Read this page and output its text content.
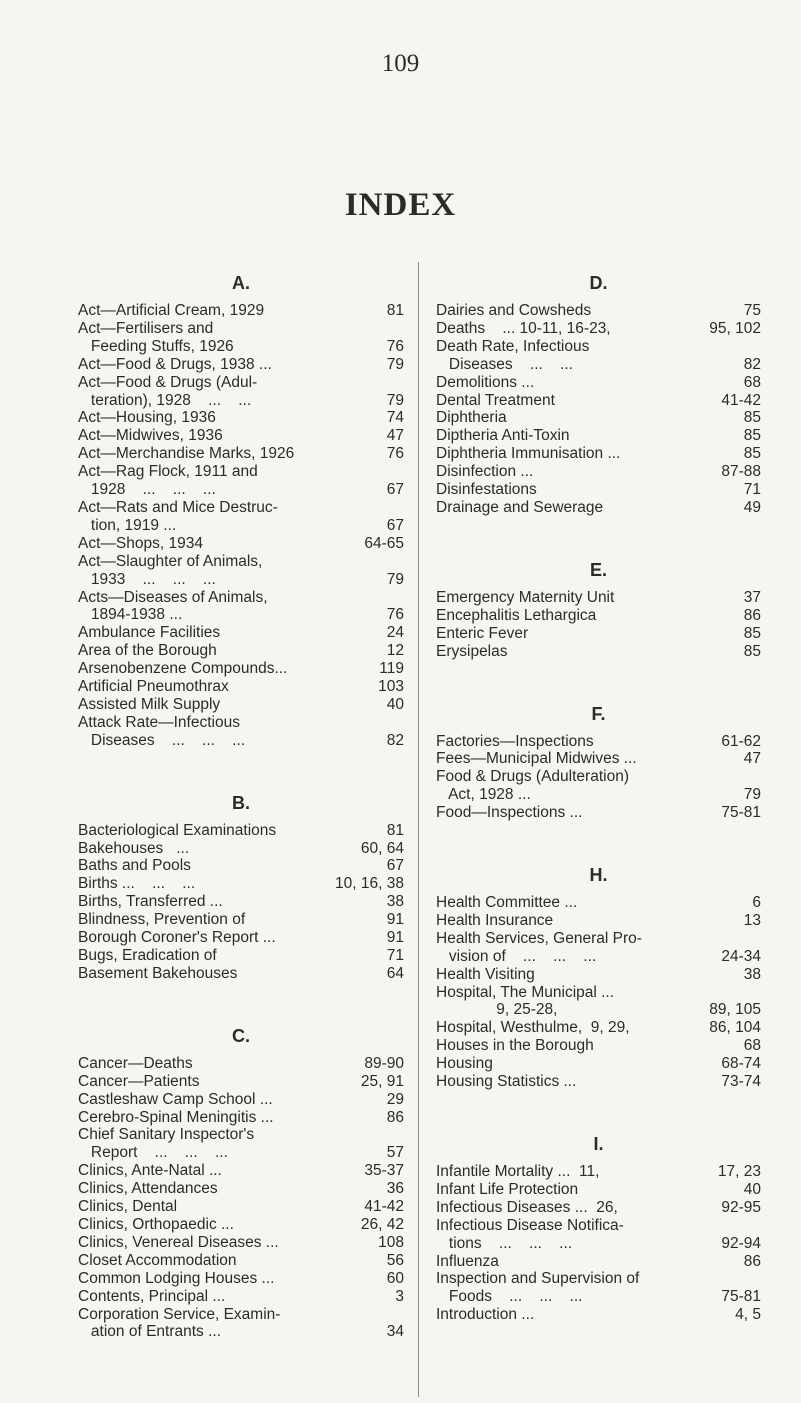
109
INDEX
A.
Act—Artificial Cream, 1929	81
Act—Fertilisers and
Feeding Stuffs, 1926	76
Act—Food & Drugs, 1938 ...	79
Act—Food & Drugs (Adul-
teration), 1928    ...    ...	79
Act—Housing, 1936	74
Act—Midwives, 1936	47
Act—Merchandise Marks, 1926	76
Act—Rag Flock, 1911 and
1928    ...    ...    ...	67
Act—Rats and Mice Destruc-
tion, 1919 ...	67
Act—Shops, 1934	64-65
Act—Slaughter of Animals,
1933    ...    ...    ...	79
Acts—Diseases of Animals,
1894-1938 ...	76
Ambulance Facilities	24
Area of the Borough	12
Arsenobenzene Compounds...	119
Artificial Pneumothrax	103
Assisted Milk Supply	40
Attack Rate—Infectious
Diseases    ...    ...    ...	82
B.
Bacteriological Examinations	81
Bakehouses   ...	60, 64
Baths and Pools	67
Births ...    ...    ...	10, 16, 38
Births, Transferred ...	38
Blindness, Prevention of	91
Borough Coroner's Report ...	91
Bugs, Eradication of	71
Basement Bakehouses	64
C.
Cancer—Deaths	89-90
Cancer—Patients	25, 91
Castleshaw Camp School ...	29
Cerebro-Spinal Meningitis ...	86
Chief Sanitary Inspector's
Report    ...    ...    ...	57
Clinics, Ante-Natal ...	35-37
Clinics, Attendances	36
Clinics, Dental	41-42
Clinics, Orthopaedic ...	26, 42
Clinics, Venereal Diseases ...	108
Closet Accommodation	56
Common Lodging Houses ...	60
Contents, Principal ...	3
Corporation Service, Examin-
ation of Entrants ...	34
D.
Dairies and Cowsheds	75
Deaths    ... 10-11, 16-23,	95, 102
Death Rate, Infectious
Diseases    ...    ...	82
Demolitions ...	68
Dental Treatment	41-42
Diphtheria	85
Diptheria Anti-Toxin	85
Diphtheria Immunisation ...	85
Disinfection ...	87-88
Disinfestations	71
Drainage and Sewerage	49
E.
Emergency Maternity Unit	37
Encephalitis Lethargica	86
Enteric Fever	85
Erysipelas	85
F.
Factories—Inspections	61-62
Fees—Municipal Midwives ...	47
Food & Drugs (Adulteration)
Act, 1928 ...	79
Food—Inspections ...	75-81
H.
Health Committee ...	6
Health Insurance	13
Health Services, General Pro-
vision of    ...    ...    ...	24-34
Health Visiting	38
Hospital, The Municipal ...
9, 25-28,	89, 105
Hospital, Westhulme,  9, 29,	86, 104
Houses in the Borough	68
Housing	68-74
Housing Statistics ...	73-74
I.
Infantile Mortality ...  11,	17, 23
Infant Life Protection	40
Infectious Diseases ...  26,	92-95
Infectious Disease Notifica-
tions    ...    ...    ...	92-94
Influenza	86
Inspection and Supervision of
Foods    ...    ...    ...	75-81
Introduction ...	4, 5
